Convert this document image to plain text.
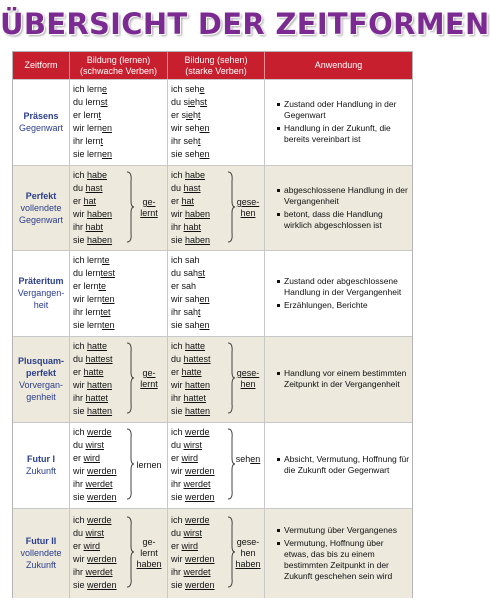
ÜBERSICHT DER ZEITFORMEN
Zeitform
Bildung (lernen)
(schwache Verben)
Bildung (sehen)
(starke Verben)
Anwendung
Präsens
Gegenwart
ich lerne
du lernst
er lernt
wir lernen
ihr lernt
sie lernen
ich sehe
du siehst
er sieht
wir sehen
ihr seht
sie sehen
Zustand oder Handlung in der Gegenwart
Handlung in der Zukunft, die bereits vereinbart ist
Perfekt
vollendete
Gegenwart
ich habe
du hast
er hat
wir haben
ihr habt
sie haben
ich habe
du hast
er hat
wir haben
ihr habt
sie haben
ge-
lernt
gese-
hen
abgeschlossene Handlung in der Vergangenheit
betont, dass die Handlung wirklich abgeschlossen ist
Präteritum
Vergangen-
heit
ich lernte
du lerntest
er lernte
wir lernten
ihr lerntet
sie lernten
ich sah
du sahst
er sah
wir sahen
ihr saht
sie sahen
Zustand oder abgeschlossene Handlung in der Vergangenheit
Erzählungen, Berichte
Plusquam-
perfekt
Vorvergan-
genheit
ich hatte
du hattest
er hatte
wir hatten
ihr hattet
sie hatten
ich hatte
du hattest
er hatte
wir hatten
ihr hattet
sie hatten
ge-
lernt
gese-
hen
Handlung vor einem bestimmten Zeitpunkt in der Vergangenheit
Futur I
Zukunft
ich werde
du wirst
er wird
wir werden
ihr werdet
sie werden
ich werde
du wirst
er wird
wir werden
ihr werdet
sie werden
lernen
sehen	Absicht, Vermutung, Hoffnung für die Zukunft oder Gegenwart
Futur II
vollendete
Zukunft
ich werde
du wirst
er wird
wir werden
ihr werdet
sie werden
ich werde
du wirst
er wird
wir werden
ihr werdet
sie werden
ge-
lernt
haben
gese-
hen
haben
Vermutung über Vergangenes
Vermutung, Hoffnung über etwas, das bis zu einem bestimmten Zeitpunkt in der Zukunft geschehen sein wird
